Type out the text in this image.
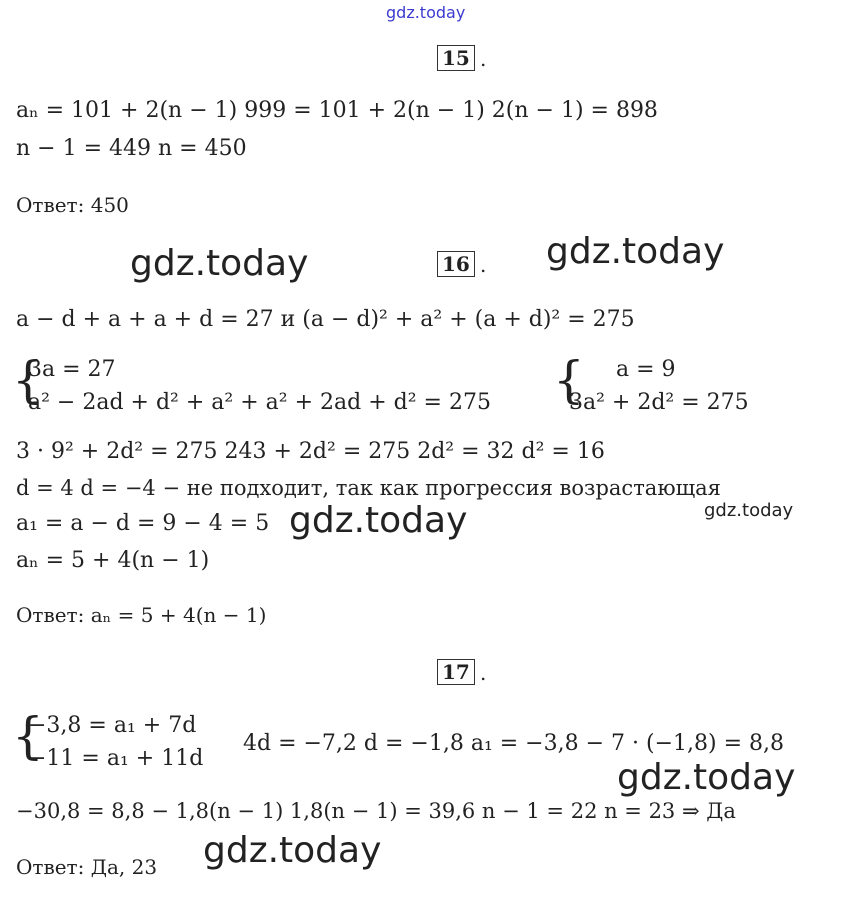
gdz.today
15 .
aₙ = 101 + 2(n − 1) 999 = 101 + 2(n − 1) 2(n − 1) = 898
n − 1 = 449 n = 450
Ответ: 450
gdz.today	gdz.today
16 .
a − d + a + a + d = 27 и (a − d)² + a² + (a + d)² = 275
{
3a = 27
a² − 2ad + d² + a² + a² + 2ad + d² = 275 { a = 9
3a² + 2d² = 275
3 · 9² + 2d² = 275 243 + 2d² = 275 2d² = 32 d² = 16
d = 4 d = −4 − не подходит, так как прогрессия возрастающая
a₁ = a − d = 9 − 4 = 5 gdz.today	gdz.today
aₙ = 5 + 4(n − 1)
Ответ: aₙ = 5 + 4(n − 1)
17 .
{
−3,8 = a₁ + 7d
−11 = a₁ + 11d
4d = −7,2 d = −1,8 a₁ = −3,8 − 7 · (−1,8) = 8,8
gdz.today
−30,8 = 8,8 − 1,8(n − 1) 1,8(n − 1) = 39,6 n − 1 = 22 n = 23 ⇒ Да
gdz.today
Ответ: Да, 23
